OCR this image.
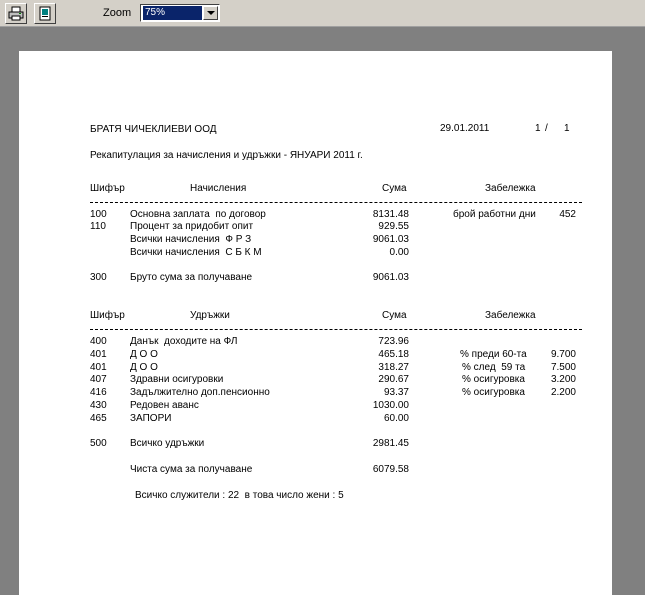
Zoom 75%
БРАТЯ ЧИЧЕКЛИЕВИ ООД	29.01.2011	1 / 1
Рекапитулация за начисления и удръжки - ЯНУАРИ 2011 г.
Шифър	Начисления	Сума	Забележка
100 Основна заплата  по договор	8131.48	брой работни дни	452
110 Процент за придобит опит	929.55
Всички начисления  Ф Р З	9061.03
Всички начисления  С Б К М	0.00
300 Бруто сума за получаване	9061.03
Шифър	Удръжки	Сума	Забележка
400 Данък  доходите на ФЛ	723.96
401 Д О О	465.18	% преди 60-та	9.700
401 Д О О	318.27	% след  59 та	7.500
407 Здравни осигуровки	290.67	% осигуровка	3.200
416 Задължително доп.пенсионно	93.37	% осигуровка	2.200
430 Редовен аванс	1030.00
465 ЗАПОРИ	60.00
500 Всичко удръжки	2981.45
Чиста сума за получаване	6079.58
Всичко служители : 22  в това число жени : 5
